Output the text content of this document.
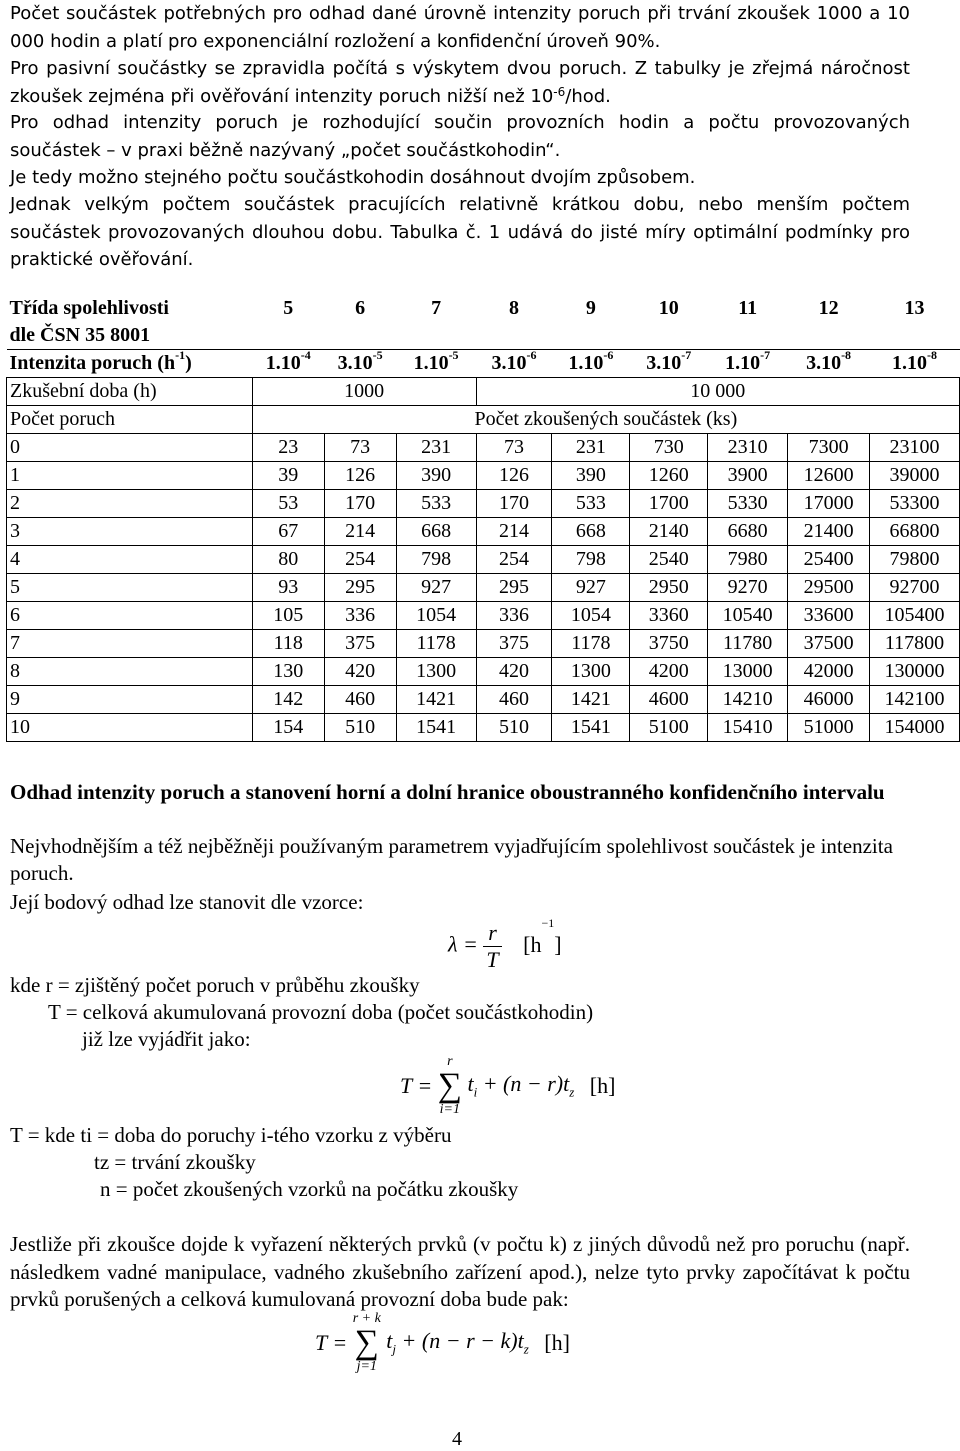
Počet součástek potřebných pro odhad dané úrovně intenzity poruch při trvání zkoušek 1000 a 10 000 hodin a platí pro exponenciální rozložení a konfidenční úroveň 90%.
Pro pasivní součástky se zpravidla počítá s výskytem dvou poruch. Z tabulky je zřejmá náročnost zkoušek zejména při ověřování intenzity poruch nižší než $10^{-6}$/hod.
Pro odhad intenzity poruch je rozhodující součin provozních hodin a počtu provozovaných součástek – v praxi běžně nazývaný „počet součástkohodin“.
Je tedy možno stejného počtu součástkohodin dosáhnout dvojím způsobem.
Jednak velkým počtem součástek pracujících relativně krátkou dobu, nebo menším počtem součástek provozovaných dlouhou dobu. Tabulka č. 1 udává do jisté míry optimální podmínky pro praktické ověřování.
Třída spolehlivosti	5	6	7	8	9	10	11	12	13
dle ČSN 35 8001									
Intenzita poruch $(h^{-1})$	$1.10^{-4}$	$3.10^{-5}$	$1.10^{-5}$	$3.10^{-6}$	$1.10^{-6}$	$3.10^{-7}$	$1.10^{-7}$	$3.10^{-8}$	$1.10^{-8}$
Zkušební doba (h)	1000			10 000					
Počet poruch	Počet zkoušených součástek (ks)								
0	23	73	231	73	231	730	2310	7300	23100
1	39	126	390	126	390	1260	3900	12600	39000
2	53	170	533	170	533	1700	5330	17000	53300
3	67	214	668	214	668	2140	6680	21400	66800
4	80	254	798	254	798	2540	7980	25400	79800
5	93	295	927	295	927	2950	9270	29500	92700
6	105	336	1054	336	1054	3360	10540	33600	105400
7	118	375	1178	375	1178	3750	11780	37500	117800
8	130	420	1300	420	1300	4200	13000	42000	130000
9	142	460	1421	460	1421	4600	14210	46000	142100
10	154	510	1541	510	1541	5100	15410	51000	154000
Odhad intenzity poruch a stanovení horní a dolní hranice oboustranného konfidenčního intervalu
Nejvhodnějším a též nejběžněji používaným parametrem vyjadřujícím spolehlivost součástek je intenzita poruch.
Její bodový odhad lze stanovit dle vzorce:
$\lambda = \frac{r}{T} [h^{-1}]$
kde r = zjištěný počet poruch v průběhu zkoušky
T = celková akumulovaná provozní doba (počet součástkohodin)
již lze vyjádřit jako:
T =
r
∑
i=1
$t_i + (n - r)t_z$ [h]
T = kde ti = doba do poruchy i-tého vzorku z výběru
tz = trvání zkoušky
n = počet zkoušených vzorků na počátku zkoušky
Jestliže při zkoušce dojde k vyřazení některých prvků (v počtu k) z jiných důvodů než pro poruchu (např. následkem vadné manipulace, vadného zkušebního zařízení apod.), nelze tyto prvky započítávat k počtu prvků porušených a celková kumulovaná provozní doba bude pak:
T =
r + k
∑
j=1
$t_j + (n - r - k)t_z$ [h]
4
